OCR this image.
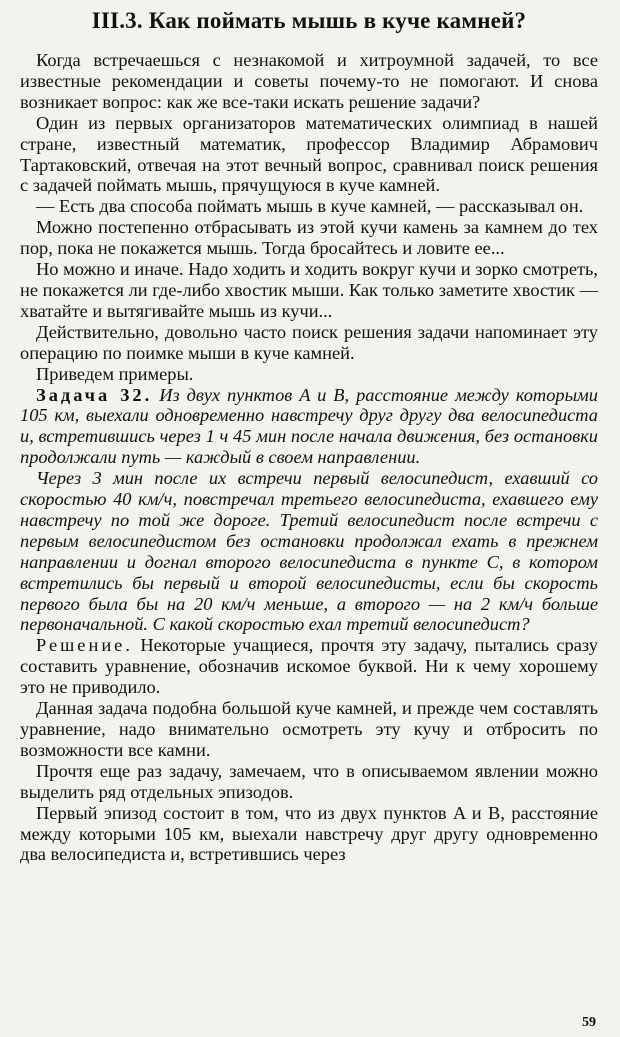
III.3. Как поймать мышь в куче камней?

Когда встречаешься с незнакомой и хитроумной задачей, то все известные рекомендации и советы почему-то не помогают. И снова возникает вопрос: как же все-таки искать решение задачи?

Один из первых организаторов математических олимпиад в нашей стране, известный математик, профессор Владимир Абрамович Тартаковский, отвечая на этот вечный вопрос, сравнивал поиск решения с задачей поймать мышь, прячущуюся в куче камней.

— Есть два способа поймать мышь в куче камней, — рассказывал он.

Можно постепенно отбрасывать из этой кучи камень за камнем до тех пор, пока не покажется мышь. Тогда бросайтесь и ловите ее...

Но можно и иначе. Надо ходить и ходить вокруг кучи и зорко смотреть, не покажется ли где-либо хвостик мыши. Как только заметите хвостик — хватайте и вытягивайте мышь из кучи...

Действительно, довольно часто поиск решения задачи напоминает эту операцию по поимке мыши в куче камней.

Приведем примеры.

Задача 32. Из двух пунктов A и B, расстояние между которыми 105 км, выехали одновременно навстречу друг другу два велосипедиста и, встретившись через 1 ч 45 мин после начала движения, без остановки продолжали путь — каждый в своем направлении.

Через 3 мин после их встречи первый велосипедист, ехавший со скоростью 40 км/ч, повстречал третьего велосипедиста, ехавшего ему навстречу по той же дороге. Третий велосипедист после встречи с первым велосипедистом без остановки продолжал ехать в прежнем направлении и догнал второго велосипедиста в пункте C, в котором встретились бы первый и второй велосипедисты, если бы скорость первого была бы на 20 км/ч меньше, а второго — на 2 км/ч больше первоначальной. С какой скоростью ехал третий велосипедист?

Решение. Некоторые учащиеся, прочтя эту задачу, пытались сразу составить уравнение, обозначив искомое буквой. Ни к чему хорошему это не приводило.

Данная задача подобна большой куче камней, и прежде чем составлять уравнение, надо внимательно осмотреть эту кучу и отбросить по возможности все камни.

Прочтя еще раз задачу, замечаем, что в описываемом явлении можно выделить ряд отдельных эпизодов.

Первый эпизод состоит в том, что из двух пунктов A и B, расстояние между которыми 105 км, выехали навстречу друг другу одновременно два велосипедиста и, встретившись через

59
